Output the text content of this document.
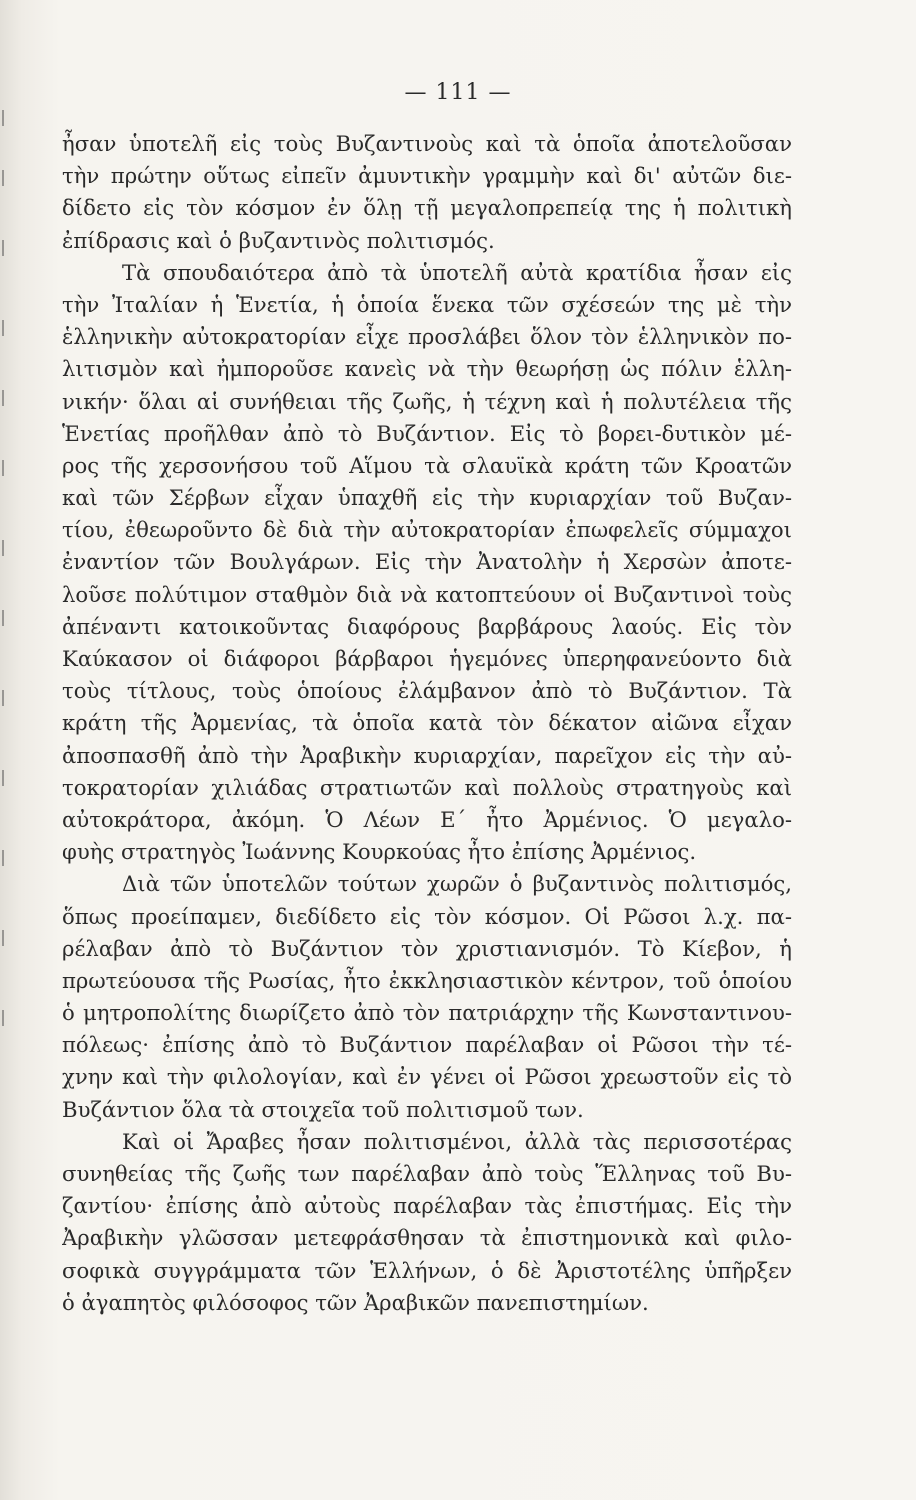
— 111 —
ἦσαν ὑποτελῆ εἰς τοὺς Βυζαντινοὺς καὶ τὰ ὁποῖα ἀποτελοῦσαν
τὴν πρώτην οὕτως εἰπεῖν ἀμυντικὴν γραμμὴν καὶ δι' αὐτῶν διε-
δίδετο εἰς τὸν κόσμον ἐν ὅλῃ τῇ μεγαλοπρεπείᾳ της ἡ πολιτικὴ
ἐπίδρασις καὶ ὁ βυζαντινὸς πολιτισμός.
Τὰ σπουδαιότερα ἀπὸ τὰ ὑποτελῆ αὐτὰ κρατίδια ἦσαν εἰς
τὴν Ἰταλίαν ἡ Ἑνετία, ἡ ὁποία ἕνεκα τῶν σχέσεών της μὲ τὴν
ἑλληνικὴν αὐτοκρατορίαν εἶχε προσλάβει ὅλον τὸν ἑλληνικὸν πο-
λιτισμὸν καὶ ἠμποροῦσε κανεὶς νὰ τὴν θεωρήσῃ ὡς πόλιν ἑλλη-
νικήν· ὅλαι αἱ συνήθειαι τῆς ζωῆς, ἡ τέχνη καὶ ἡ πολυτέλεια τῆς
Ἑνετίας προῆλθαν ἀπὸ τὸ Βυζάντιον. Εἰς τὸ βορει-δυτικὸν μέ-
ρος τῆς χερσονήσου τοῦ Αἵμου τὰ σλαυϊκὰ κράτη τῶν Κροατῶν
καὶ τῶν Σέρβων εἶχαν ὑπαχθῆ εἰς τὴν κυριαρχίαν τοῦ Βυζαν-
τίου, ἐθεωροῦντο δὲ διὰ τὴν αὐτοκρατορίαν ἐπωφελεῖς σύμμαχοι
ἐναντίον τῶν Βουλγάρων. Εἰς τὴν Ἀνατολὴν ἡ Χερσὼν ἀποτε-
λοῦσε πολύτιμον σταθμὸν διὰ νὰ κατοπτεύουν οἱ Βυζαντινοὶ τοὺς
ἀπέναντι κατοικοῦντας διαφόρους βαρβάρους λαούς. Εἰς τὸν
Καύκασον οἱ διάφοροι βάρβαροι ἡγεμόνες ὑπερηφανεύοντο διὰ
τοὺς τίτλους, τοὺς ὁποίους ἐλάμβανον ἀπὸ τὸ Βυζάντιον. Τὰ
κράτη τῆς Ἀρμενίας, τὰ ὁποῖα κατὰ τὸν δέκατον αἰῶνα εἶχαν
ἀποσπασθῆ ἀπὸ τὴν Ἀραβικὴν κυριαρχίαν, παρεῖχον εἰς τὴν αὐ-
τοκρατορίαν χιλιάδας στρατιωτῶν καὶ πολλοὺς στρατηγοὺς καὶ
αὐτοκράτορα, ἀκόμη. Ὁ Λέων Ε΄ ἦτο Ἀρμένιος. Ὁ μεγαλο-
φυὴς στρατηγὸς Ἰωάννης Κουρκούας ἦτο ἐπίσης Ἀρμένιος.
Διὰ τῶν ὑποτελῶν τούτων χωρῶν ὁ βυζαντινὸς πολιτισμός,
ὅπως προείπαμεν, διεδίδετο εἰς τὸν κόσμον. Οἱ Ρῶσοι λ.χ. πα-
ρέλαβαν ἀπὸ τὸ Βυζάντιον τὸν χριστιανισμόν. Τὸ Κίεβον, ἡ
πρωτεύουσα τῆς Ρωσίας, ἦτο ἐκκλησιαστικὸν κέντρον, τοῦ ὁποίου
ὁ μητροπολίτης διωρίζετο ἀπὸ τὸν πατριάρχην τῆς Κωνσταντινου-
πόλεως· ἐπίσης ἀπὸ τὸ Βυζάντιον παρέλαβαν οἱ Ρῶσοι τὴν τέ-
χνην καὶ τὴν φιλολογίαν, καὶ ἐν γένει οἱ Ρῶσοι χρεωστοῦν εἰς τὸ
Βυζάντιον ὅλα τὰ στοιχεῖα τοῦ πολιτισμοῦ των.
Καὶ οἱ Ἄραβες ἦσαν πολιτισμένοι, ἀλλὰ τὰς περισσοτέρας
συνηθείας τῆς ζωῆς των παρέλαβαν ἀπὸ τοὺς Ἕλληνας τοῦ Βυ-
ζαντίου· ἐπίσης ἀπὸ αὐτοὺς παρέλαβαν τὰς ἐπιστήμας. Εἰς τὴν
Ἀραβικὴν γλῶσσαν μετεφράσθησαν τὰ ἐπιστημονικὰ καὶ φιλο-
σοφικὰ συγγράμματα τῶν Ἑλλήνων, ὁ δὲ Ἀριστοτέλης ὑπῆρξεν
ὁ ἀγαπητὸς φιλόσοφος τῶν Ἀραβικῶν πανεπιστημίων.
